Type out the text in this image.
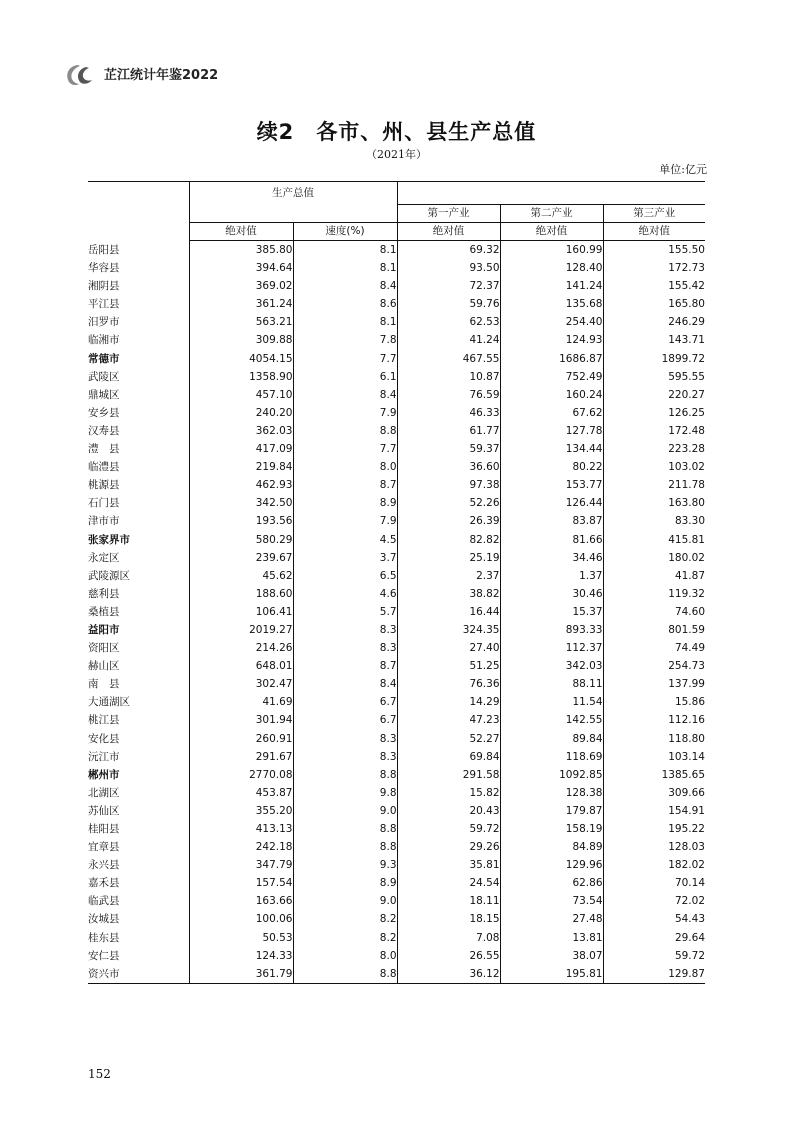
芷江统计年鉴2022
续2 各市、州、县生产总值
（2021年）
单位:亿元
	生产总值				
			第一产业	第二产业	第三产业
	绝对值	速度(%)	绝对值	绝对值	绝对值
岳阳县	385.80	8.1	69.32	160.99	155.50
华容县	394.64	8.1	93.50	128.40	172.73
湘阴县	369.02	8.4	72.37	141.24	155.42
平江县	361.24	8.6	59.76	135.68	165.80
汨罗市	563.21	8.1	62.53	254.40	246.29
临湘市	309.88	7.8	41.24	124.93	143.71
常德市	4054.15	7.7	467.55	1686.87	1899.72
武陵区	1358.90	6.1	10.87	752.49	595.55
鼎城区	457.10	8.4	76.59	160.24	220.27
安乡县	240.20	7.9	46.33	67.62	126.25
汉寿县	362.03	8.8	61.77	127.78	172.48
澧　县	417.09	7.7	59.37	134.44	223.28
临澧县	219.84	8.0	36.60	80.22	103.02
桃源县	462.93	8.7	97.38	153.77	211.78
石门县	342.50	8.9	52.26	126.44	163.80
津市市	193.56	7.9	26.39	83.87	83.30
张家界市	580.29	4.5	82.82	81.66	415.81
永定区	239.67	3.7	25.19	34.46	180.02
武陵源区	45.62	6.5	2.37	1.37	41.87
慈利县	188.60	4.6	38.82	30.46	119.32
桑植县	106.41	5.7	16.44	15.37	74.60
益阳市	2019.27	8.3	324.35	893.33	801.59
资阳区	214.26	8.3	27.40	112.37	74.49
赫山区	648.01	8.7	51.25	342.03	254.73
南　县	302.47	8.4	76.36	88.11	137.99
大通湖区	41.69	6.7	14.29	11.54	15.86
桃江县	301.94	6.7	47.23	142.55	112.16
安化县	260.91	8.3	52.27	89.84	118.80
沅江市	291.67	8.3	69.84	118.69	103.14
郴州市	2770.08	8.8	291.58	1092.85	1385.65
北湖区	453.87	9.8	15.82	128.38	309.66
苏仙区	355.20	9.0	20.43	179.87	154.91
桂阳县	413.13	8.8	59.72	158.19	195.22
宜章县	242.18	8.8	29.26	84.89	128.03
永兴县	347.79	9.3	35.81	129.96	182.02
嘉禾县	157.54	8.9	24.54	62.86	70.14
临武县	163.66	9.0	18.11	73.54	72.02
汝城县	100.06	8.2	18.15	27.48	54.43
桂东县	50.53	8.2	7.08	13.81	29.64
安仁县	124.33	8.0	26.55	38.07	59.72
资兴市	361.79	8.8	36.12	195.81	129.87
152
